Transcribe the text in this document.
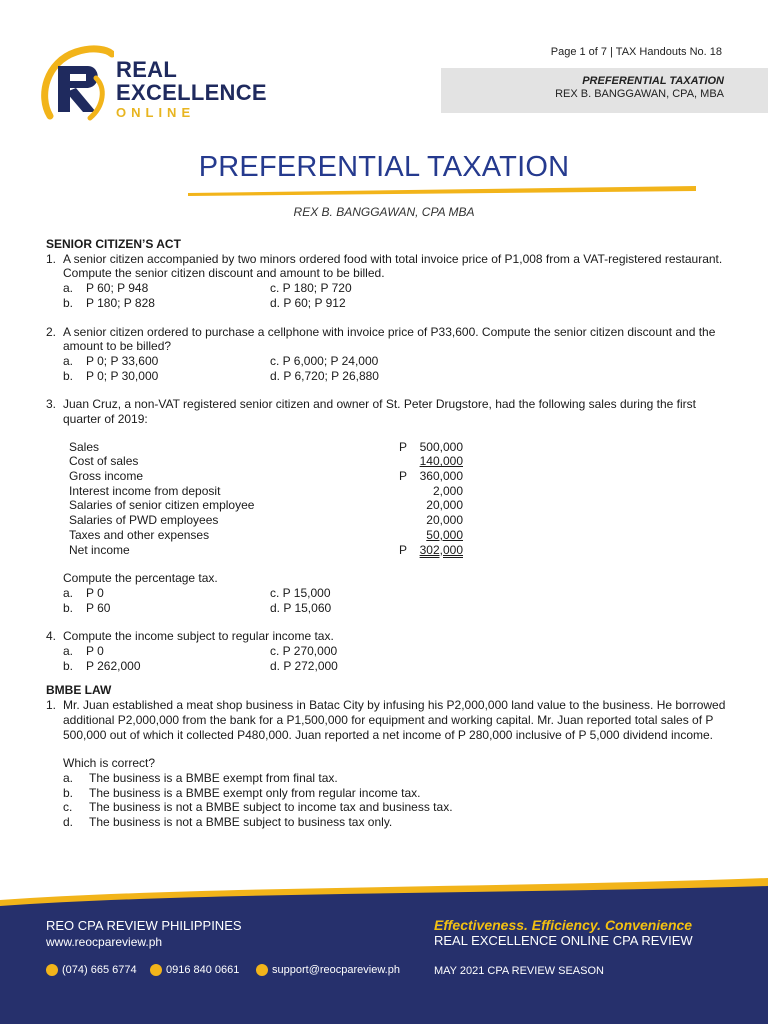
REAL
EXCELLENCE
ONLINE
Page 1 of 7 | TAX Handouts No. 18
PREFERENTIAL TAXATION
REX B. BANGGAWAN, CPA, MBA
PREFERENTIAL TAXATION
REX B. BANGGAWAN, CPA MBA
SENIOR CITIZEN’S ACT
1. A senior citizen accompanied by two minors ordered food with total invoice price of P1,008 from a VAT-registered restaurant. Compute the senior citizen discount and amount to be billed.
a.	P 60; P 948	c. P 180; P 720
b.	P 180; P 828	d. P 60; P 912
2. A senior citizen ordered to purchase a cellphone with invoice price of P33,600. Compute the senior citizen discount and the amount to be billed?
a.	P 0; P 33,600	c. P 6,000; P 24,000
b.	P 0; P 30,000	d. P 6,720; P 26,880
3. Juan Cruz, a non-VAT registered senior citizen and owner of St. Peter Drugstore, had the following sales during the first quarter of 2019:
Sales	P 500,000
Cost of sales	140,000
Gross income	P 360,000
Interest income from deposit	2,000
Salaries of senior citizen employee	20,000
Salaries of PWD employees	20,000
Taxes and other expenses	50,000
Net income	P 302,000
Compute the percentage tax.
a.	P 0	c. P 15,000
b.	P 60	d. P 15,060
4. Compute the income subject to regular income tax.
a.	P 0	c. P 270,000
b.	P 262,000	d. P 272,000
BMBE LAW
1. Mr. Juan established a meat shop business in Batac City by infusing his P2,000,000 land value to the business. He borrowed additional P2,000,000 from the bank for a P1,500,000 for equipment and working capital. Mr. Juan reported total sales of P 500,000 out of which it collected P480,000. Juan reported a net income of P 280,000 inclusive of P 5,000 dividend income.
Which is correct?
a.	The business is a BMBE exempt from final tax.
b.	The business is a BMBE exempt only from regular income tax.
c.	The business is not a BMBE subject to income tax and business tax.
d.	The business is not a BMBE subject to business tax only.
REO CPA REVIEW PHILIPPINES
www.reocpareview.ph
(074) 665 6774	0916 840 0661	support@reocpareview.ph
Effectiveness. Efficiency. Convenience
REAL EXCELLENCE ONLINE CPA REVIEW
MAY 2021 CPA REVIEW SEASON
